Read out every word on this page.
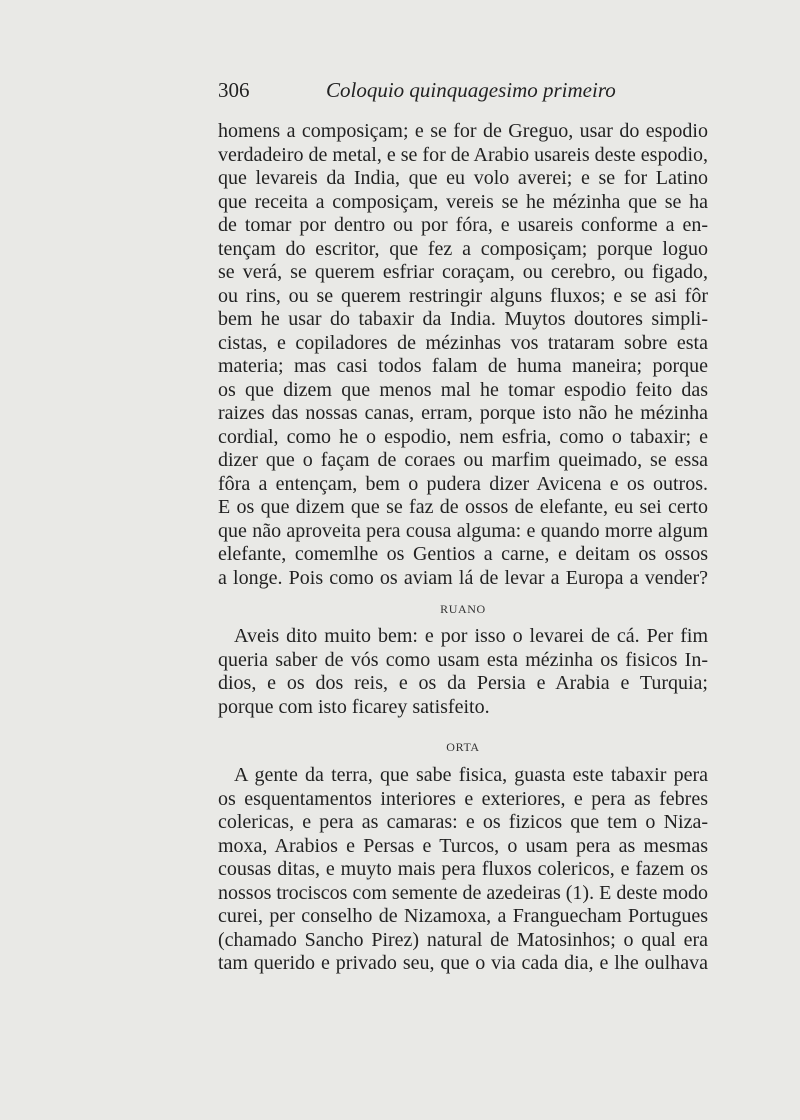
306	Coloquio quinquagesimo primeiro
homens a composiçam; e se for de Greguo, usar do espodio
verdadeiro de metal, e se for de Arabio usareis deste espodio,
que levareis da India, que eu volo averei; e se for Latino
que receita a composiçam, vereis se he mézinha que se ha
de tomar por dentro ou por fóra, e usareis conforme a en-
tençam do escritor, que fez a composiçam; porque loguo
se verá, se querem esfriar coraçam, ou cerebro, ou figado,
ou rins, ou se querem restringir alguns fluxos; e se asi fôr
bem he usar do tabaxir da India. Muytos doutores simpli-
cistas, e copiladores de mézinhas vos trataram sobre esta
materia; mas casi todos falam de huma maneira; porque
os que dizem que menos mal he tomar espodio feito das
raizes das nossas canas, erram, porque isto não he mézinha
cordial, como he o espodio, nem esfria, como o tabaxir; e
dizer que o façam de coraes ou marfim queimado, se essa
fôra a entençam, bem o pudera dizer Avicena e os outros.
E os que dizem que se faz de ossos de elefante, eu sei certo
que não aproveita pera cousa alguma: e quando morre algum
elefante, comemlhe os Gentios a carne, e deitam os ossos
a longe. Pois como os aviam lá de levar a Europa a vender?
RUANO
Aveis dito muito bem: e por isso o levarei de cá. Per fim
queria saber de vós como usam esta mézinha os fisicos In-
dios, e os dos reis, e os da Persia e Arabia e Turquia;
porque com isto ficarey satisfeito.
ORTA
A gente da terra, que sabe fisica, guasta este tabaxir pera
os esquentamentos interiores e exteriores, e pera as febres
colericas, e pera as camaras: e os fizicos que tem o Niza-
moxa, Arabios e Persas e Turcos, o usam pera as mesmas
cousas ditas, e muyto mais pera fluxos colericos, e fazem os
nossos trociscos com semente de azedeiras (1). E deste modo
curei, per conselho de Nizamoxa, a Franguecham Portugues
(chamado Sancho Pirez) natural de Matosinhos; o qual era
tam querido e privado seu, que o via cada dia, e lhe oulhava
